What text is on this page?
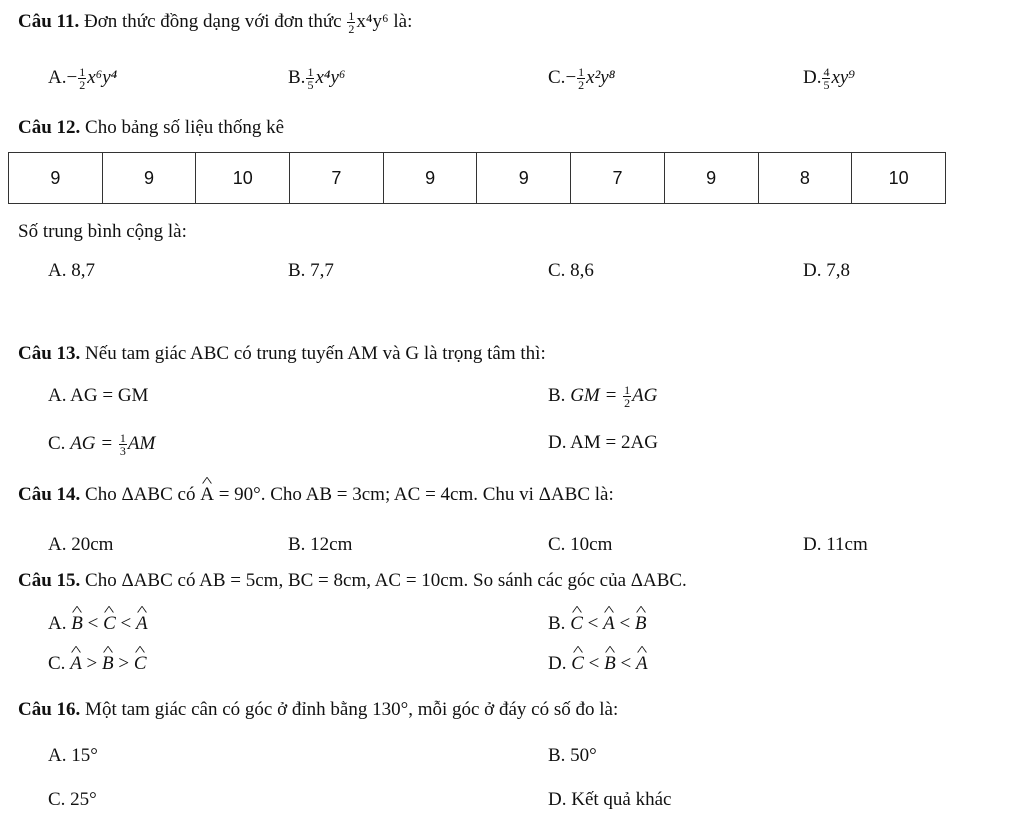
Câu 11. Đơn thức đồng dạng với đơn thức $\frac{1}{2} x^4y^6$ là:
$A.- \frac{1}{2} x^6y^4$	B. $\frac{1}{5} x^4y^6$	$C.- \frac{1}{2} x^2y^8$	D. $\frac{4}{5} xy^9$
Câu 12. Cho bảng số liệu thống kê
9	9	10	7	9	9	7	9	8	10
Số trung bình cộng là:
A. 8,7	B. 7,7	C. 8,6	D. 7,8
Câu 13. Nếu tam giác ABC có trung tuyến AM và G là trọng tâm thì:
A. AG = GM	B. GM = $\frac{1}{2}$ AG
C. AG = $\frac{1}{3}$ AM	D. AM = 2AG
Câu 14. Cho ΔABC có ^ A = 90°. Cho AB = 3cm; AC = 4cm. Chu vi ΔABC là:
A. 20cm	B. 12cm	C. 10cm	D. 11cm
Câu 15. Cho ΔABC có AB = 5cm, BC = 8cm, AC = 10cm. So sánh các góc của ΔABC.
A. ^ B < ^ C < ^ A	B. ^ C < ^ A < ^ B
C. ^ A > ^ B > ^ C	D. ^ C < ^ B < ^ A
Câu 16. Một tam giác cân có góc ở đỉnh bằng 130°, mỗi góc ở đáy có số đo là:
A. 15°	B. 50°
C. 25°	D. Kết quả khác
